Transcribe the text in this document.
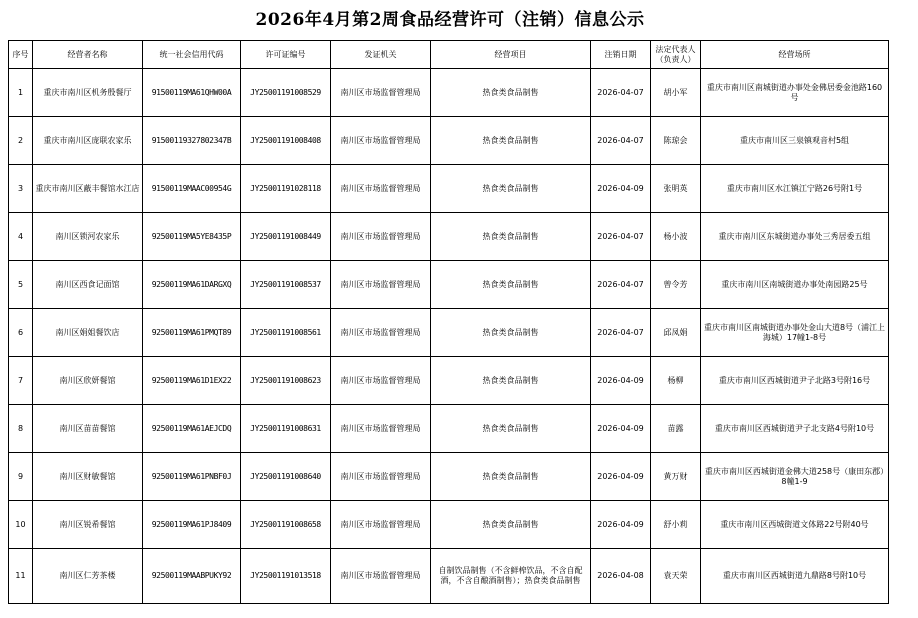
2026年4月第2周食品经营许可（注销）信息公示
序号	经营者名称	统一社会信用代码	许可证编号	发证机关	经营项目	注销日期	法定代表人（负责人）	经营场所
1	重庆市南川区机务殷餐厅	91500119MA61QHW00A	JY25001191008529	南川区市场监督管理局	热食类食品制售	2026-04-07	胡小军	重庆市南川区南城街道办事处金佛居委金池路160号
2	重庆市南川区庞联农家乐	91500119327802347B	JY25001191008408	南川区市场监督管理局	热食类食品制售	2026-04-07	陈琼会	重庆市南川区三泉镇观音村5组
3	重庆市南川区蔽丰餐馆水江店	91500119MAAC00954G	JY25001191028118	南川区市场监督管理局	热食类食品制售	2026-04-09	张明英	重庆市南川区水江镇江宁路26号附1号
4	南川区锁河农家乐	92500119MA5YE8435P	JY25001191008449	南川区市场监督管理局	热食类食品制售	2026-04-07	杨小波	重庆市南川区东城街道办事处三秀居委五组
5	南川区西食记面馆	92500119MA61DARGXQ	JY25001191008537	南川区市场监督管理局	热食类食品制售	2026-04-07	曾令芳	重庆市南川区南城街道办事处南园路25号
6	南川区娟姐餐饮店	92500119MA61PMQT89	JY25001191008561	南川区市场监督管理局	热食类食品制售	2026-04-07	邱凤娟	重庆市南川区南城街道办事处金山大道8号（浦江上海城）17幢1-8号
7	南川区欣妍餐馆	92500119MA61D1EX22	JY25001191008623	南川区市场监督管理局	热食类食品制售	2026-04-09	杨柳	重庆市南川区西城街道尹子北路3号附16号
8	南川区苗苗餐馆	92500119MA61AEJCDQ	JY25001191008631	南川区市场监督管理局	热食类食品制售	2026-04-09	苗露	重庆市南川区西城街道尹子北支路4号附10号
9	南川区财敏餐馆	92500119MA61PNBF0J	JY25001191008640	南川区市场监督管理局	热食类食品制售	2026-04-09	黄万财	重庆市南川区西城街道金佛大道258号（康田东郡）8幢1-9
10	南川区锐希餐馆	92500119MA61PJ8409	JY25001191008658	南川区市场监督管理局	热食类食品制售	2026-04-09	舒小莉	重庆市南川区西城街道文体路22号附40号
11	南川区仁芳茶楼	92500119MAABPUKY92	JY25001191013518	南川区市场监督管理局	自制饮品制售（不含鲜榨饮品，不含自配酒，不含自酿酒制售）；热食类食品制售	2026-04-08	袁天荣	重庆市南川区西城街道九鼎路8号附10号
